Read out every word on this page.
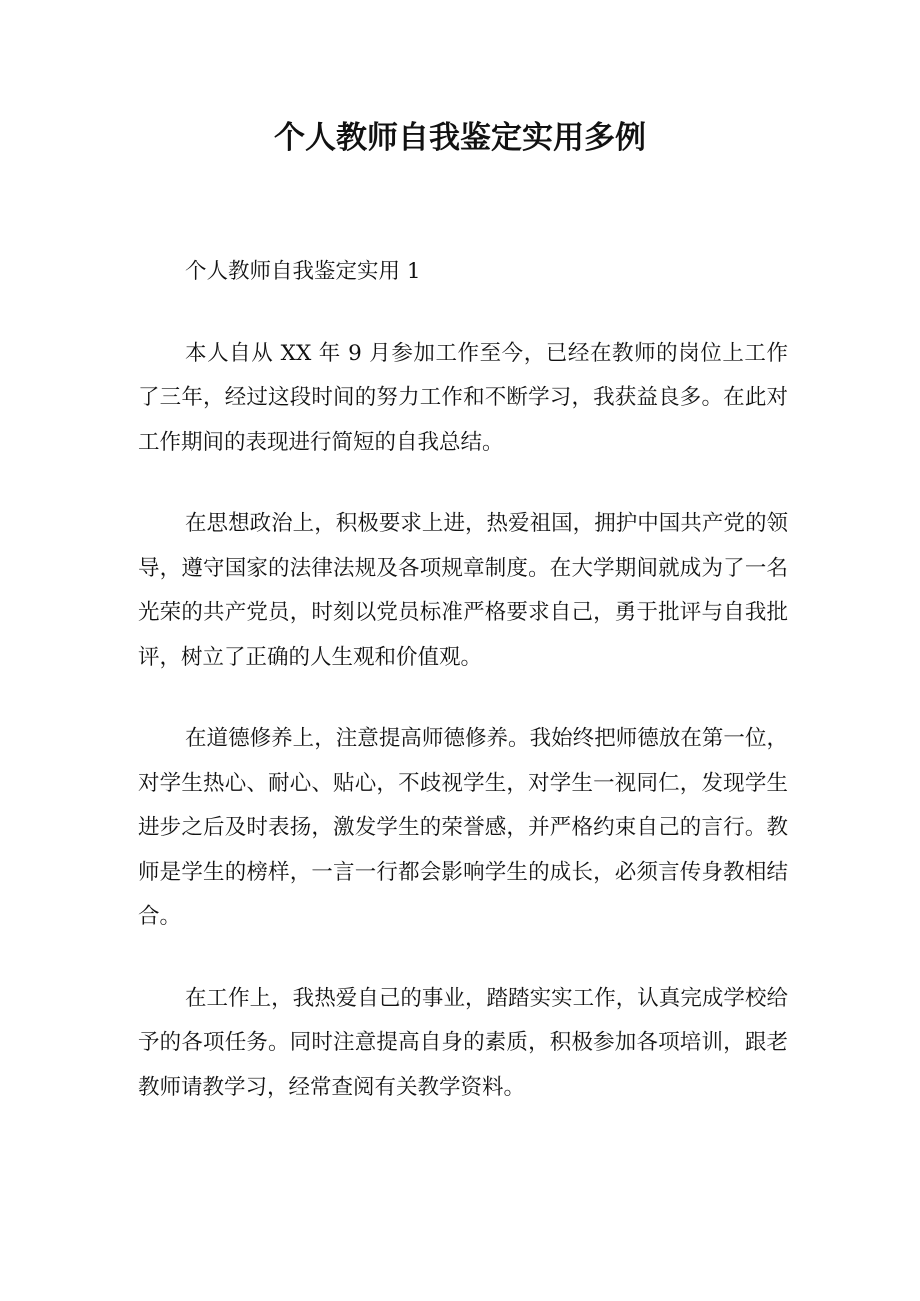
个人教师自我鉴定实用多例

个人教师自我鉴定实用 1

本人自从 XX 年 9 月参加工作至今，已经在教师的岗位上工作了三年，经过这段时间的努力工作和不断学习，我获益良多。在此对工作期间的表现进行简短的自我总结。

在思想政治上，积极要求上进，热爱祖国，拥护中国共产党的领导，遵守国家的法律法规及各项规章制度。在大学期间就成为了一名光荣的共产党员，时刻以党员标准严格要求自己，勇于批评与自我批评，树立了正确的人生观和价值观。

在道德修养上，注意提高师德修养。我始终把师德放在第一位，对学生热心、耐心、贴心，不歧视学生，对学生一视同仁，发现学生进步之后及时表扬，激发学生的荣誉感，并严格约束自己的言行。教师是学生的榜样，一言一行都会影响学生的成长，必须言传身教相结合。

在工作上，我热爱自己的事业，踏踏实实工作，认真完成学校给予的各项任务。同时注意提高自身的素质，积极参加各项培训，跟老教师请教学习，经常查阅有关教学资料。
